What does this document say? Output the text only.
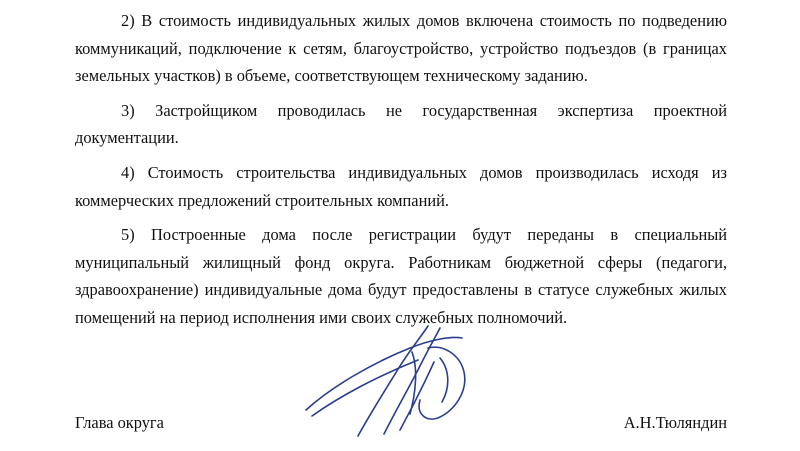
2) В стоимость индивидуальных жилых домов включена стоимость по подведению коммуникаций, подключение к сетям, благоустройство, устройство подъездов (в границах земельных участков) в объеме, соответствующем техническому заданию.

3) Застройщиком проводилась не государственная экспертиза проектной документации.

4) Стоимость строительства индивидуальных домов производилась исходя из коммерческих предложений строительных компаний.

5) Построенные дома после регистрации будут переданы в специальный муниципальный жилищный фонд округа. Работникам бюджетной сферы (педагоги, здравоохранение) индивидуальные дома будут предоставлены в статусе служебных жилых помещений на период исполнения ими своих служебных полномочий.

Глава округа	А.Н.Тюляндин
